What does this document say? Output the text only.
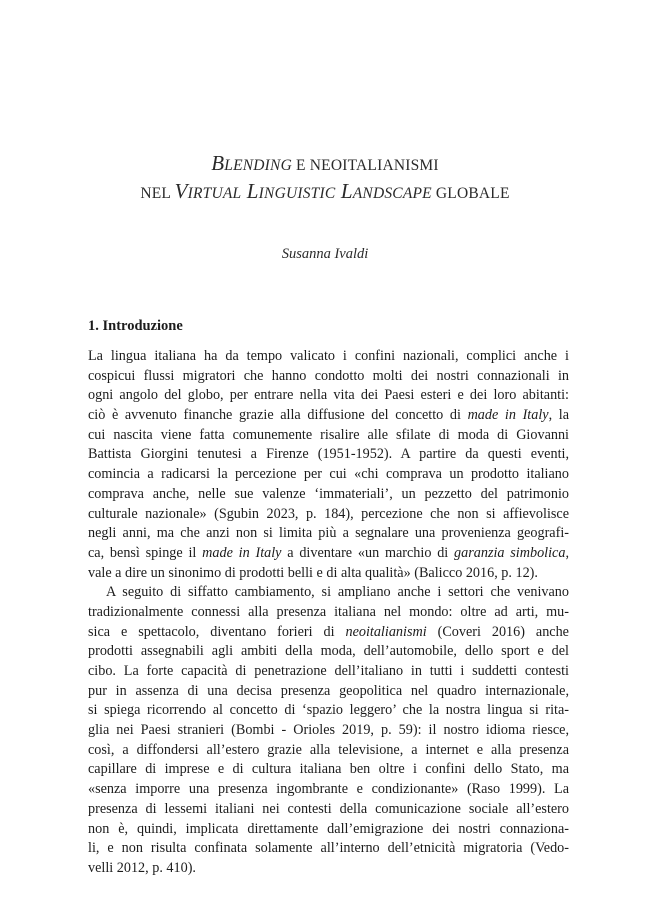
BLENDING E NEOITALIANISMI
NEL VIRTUAL LINGUISTIC LANDSCAPE GLOBALE
Susanna Ivaldi
1. Introduzione
La lingua italiana ha da tempo valicato i confini nazionali, complici anche i
cospicui flussi migratori che hanno condotto molti dei nostri connazionali in
ogni angolo del globo, per entrare nella vita dei Paesi esteri e dei loro abitanti:
ciò è avvenuto finanche grazie alla diffusione del concetto di made in Italy, la
cui nascita viene fatta comunemente risalire alle sfilate di moda di Giovanni
Battista Giorgini tenutesi a Firenze (1951-1952). A partire da questi eventi,
comincia a radicarsi la percezione per cui «chi comprava un prodotto italiano
comprava anche, nelle sue valenze ‘immateriali’, un pezzetto del patrimonio
culturale nazionale» (Sgubin 2023, p. 184), percezione che non si affievolisce
negli anni, ma che anzi non si limita più a segnalare una provenienza geografi-
ca, bensì spinge il made in Italy a diventare «un marchio di garanzia simbolica,
vale a dire un sinonimo di prodotti belli e di alta qualità» (Balicco 2016, p. 12).
A seguito di siffatto cambiamento, si ampliano anche i settori che venivano
tradizionalmente connessi alla presenza italiana nel mondo: oltre ad arti, mu-
sica e spettacolo, diventano forieri di neoitalianismi (Coveri 2016) anche
prodotti assegnabili agli ambiti della moda, dell’automobile, dello sport e del
cibo. La forte capacità di penetrazione dell’italiano in tutti i suddetti contesti
pur in assenza di una decisa presenza geopolitica nel quadro internazionale,
si spiega ricorrendo al concetto di ‘spazio leggero’ che la nostra lingua si rita-
glia nei Paesi stranieri (Bombi - Orioles 2019, p. 59): il nostro idioma riesce,
così, a diffondersi all’estero grazie alla televisione, a internet e alla presenza
capillare di imprese e di cultura italiana ben oltre i confini dello Stato, ma
«senza imporre una presenza ingombrante e condizionante» (Raso 1999). La
presenza di lessemi italiani nei contesti della comunicazione sociale all’estero
non è, quindi, implicata direttamente dall’emigrazione dei nostri connaziona-
li, e non risulta confinata solamente all’interno dell’etnicità migratoria (Vedo-
velli 2012, p. 410).
